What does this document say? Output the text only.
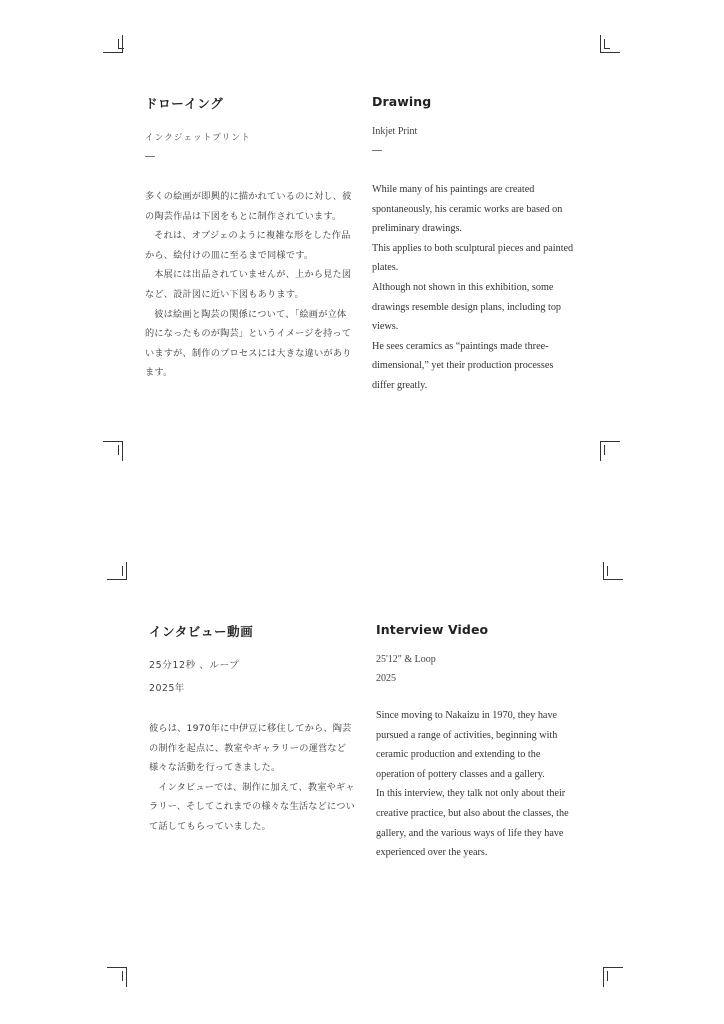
ドローイング
インクジェットプリント

多くの絵画が即興的に描かれているのに対し、彼の陶芸作品は下図をもとに制作されています。

それは、オブジェのように複雑な形をした作品から、絵付けの皿に至るまで同様です。

本展には出品されていませんが、上から見た図など、設計図に近い下図もあります。

彼は絵画と陶芸の関係について、「絵画が立体的になったものが陶芸」というイメージを持っていますが、制作のプロセスには大きな違いがあります。

Drawing
Inkjet Print

While many of his paintings are created spontaneously, his ceramic works are based on preliminary drawings.

This applies to both sculptural pieces and painted plates.

Although not shown in this exhibition, some drawings resemble design plans, including top views.

He sees ceramics as “paintings made three-dimensional,” yet their production processes differ greatly.

インタビュー動画
25分12秒 、ループ
2025年

彼らは、1970年に中伊豆に移住してから、陶芸の制作を起点に、教室やギャラリーの運営など様々な活動を行ってきました。

インタビューでは、制作に加えて、教室やギャラリー、そしてこれまでの様々な生活などについて話してもらっていました。

Interview Video
25'12" & Loop
2025

Since moving to Nakaizu in 1970, they have pursued a range of activities, beginning with ceramic production and extending to the operation of pottery classes and a gallery.

In this interview, they talk not only about their creative practice, but also about the classes, the gallery, and the various ways of life they have experienced over the years.
